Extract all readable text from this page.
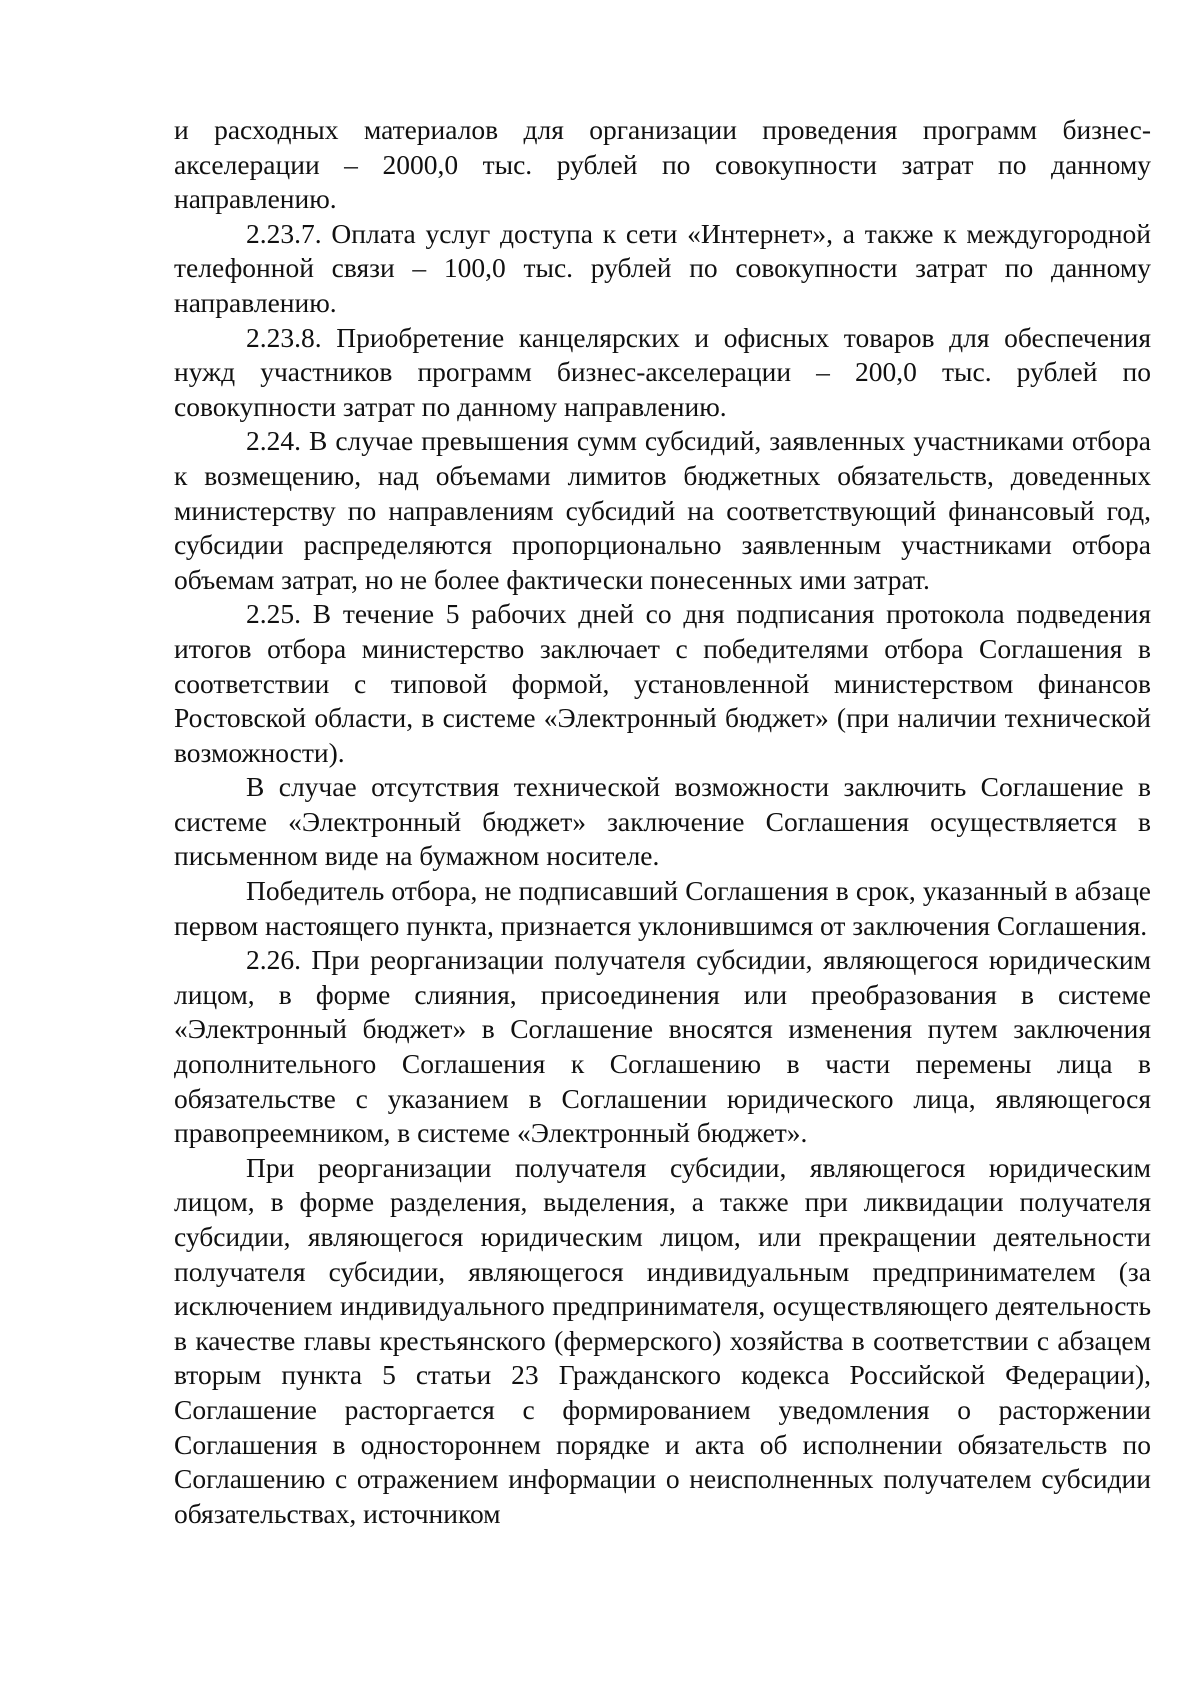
и расходных материалов для организации проведения программ бизнес-акселерации – 2000,0 тыс. рублей по совокупности затрат по данному направлению.

2.23.7. Оплата услуг доступа к сети «Интернет», а также к междугородной телефонной связи – 100,0 тыс. рублей по совокупности затрат по данному направлению.

2.23.8. Приобретение канцелярских и офисных товаров для обеспечения нужд участников программ бизнес-акселерации – 200,0 тыс. рублей по совокупности затрат по данному направлению.

2.24. В случае превышения сумм субсидий, заявленных участниками отбора к возмещению, над объемами лимитов бюджетных обязательств, доведенных министерству по направлениям субсидий на соответствующий финансовый год, субсидии распределяются пропорционально заявленным участниками отбора объемам затрат, но не более фактически понесенных ими затрат.

2.25. В течение 5 рабочих дней со дня подписания протокола подведения итогов отбора министерство заключает с победителями отбора Соглашения в соответствии с типовой формой, установленной министерством финансов Ростовской области, в системе «Электронный бюджет» (при наличии технической возможности).

В случае отсутствия технической возможности заключить Соглашение в системе «Электронный бюджет» заключение Соглашения осуществляется в письменном виде на бумажном носителе.

Победитель отбора, не подписавший Соглашения в срок, указанный в абзаце первом настоящего пункта, признается уклонившимся от заключения Соглашения.

2.26. При реорганизации получателя субсидии, являющегося юридическим лицом, в форме слияния, присоединения или преобразования в системе «Электронный бюджет» в Соглашение вносятся изменения путем заключения дополнительного Соглашения к Соглашению в части перемены лица в обязательстве с указанием в Соглашении юридического лица, являющегося правопреемником, в системе «Электронный бюджет».

При реорганизации получателя субсидии, являющегося юридическим лицом, в форме разделения, выделения, а также при ликвидации получателя субсидии, являющегося юридическим лицом, или прекращении деятельности получателя субсидии, являющегося индивидуальным предпринимателем (за исключением индивидуального предпринимателя, осуществляющего деятельность в качестве главы крестьянского (фермерского) хозяйства в соответствии с абзацем вторым пункта 5 статьи 23 Гражданского кодекса Российской Федерации), Соглашение расторгается с формированием уведомления о расторжении Соглашения в одностороннем порядке и акта об исполнении обязательств по Соглашению с отражением информации о неисполненных получателем субсидии обязательствах, источником
